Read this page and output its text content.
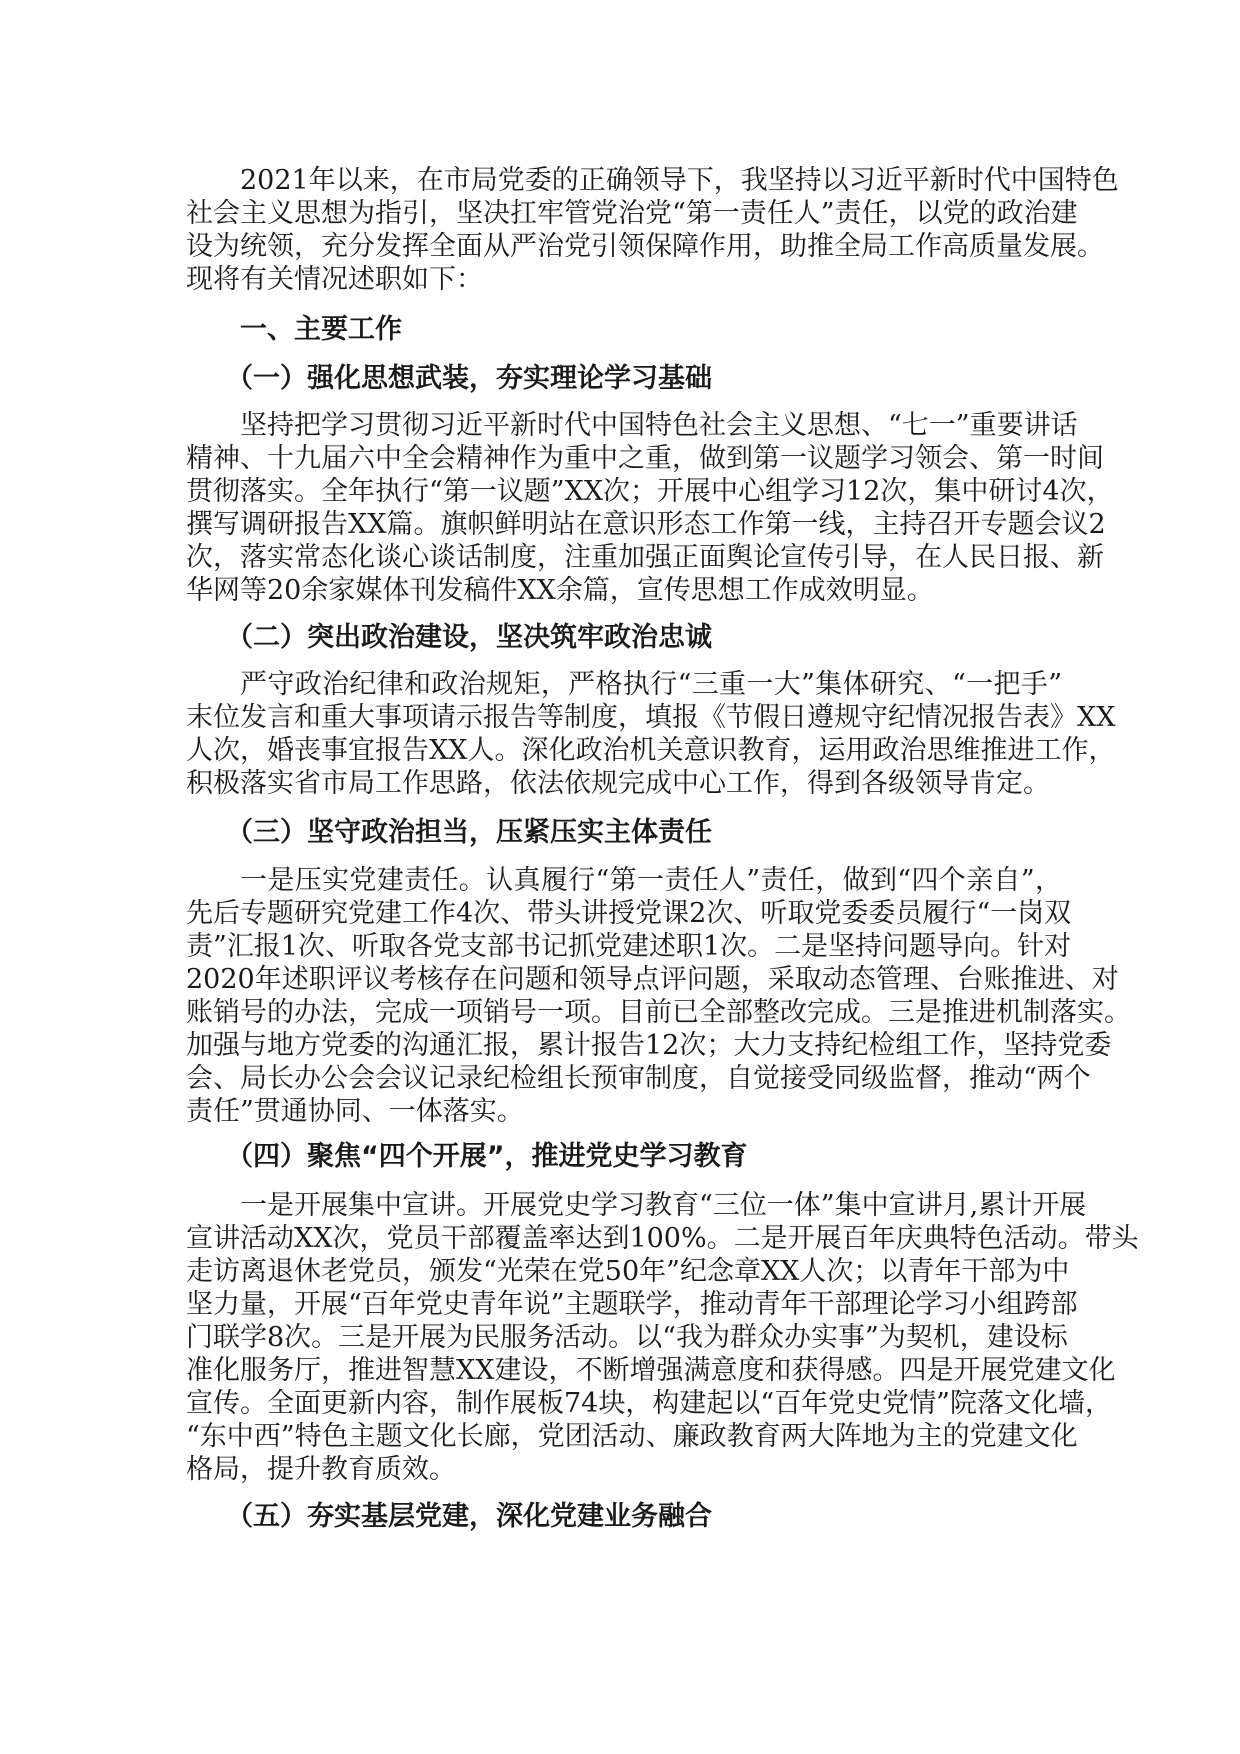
2021年以来，在市局党委的正确领导下，我坚持以习近平新时代中国特色
社会主义思想为指引，坚决扛牢管党治党“第一责任人”责任，以党的政治建
设为统领，充分发挥全面从严治党引领保障作用，助推全局工作高质量发展。
现将有关情况述职如下：
一、主要工作
（一）强化思想武装，夯实理论学习基础
坚持把学习贯彻习近平新时代中国特色社会主义思想、“七一”重要讲话
精神、十九届六中全会精神作为重中之重，做到第一议题学习领会、第一时间
贯彻落实。全年执行“第一议题”XX次；开展中心组学习12次，集中研讨4次，
撰写调研报告XX篇。旗帜鲜明站在意识形态工作第一线，主持召开专题会议2
次，落实常态化谈心谈话制度，注重加强正面舆论宣传引导，在人民日报、新
华网等20余家媒体刊发稿件XX余篇，宣传思想工作成效明显。
（二）突出政治建设，坚决筑牢政治忠诚
严守政治纪律和政治规矩，严格执行“三重一大”集体研究、“一把手”
末位发言和重大事项请示报告等制度，填报《节假日遵规守纪情况报告表》XX
人次，婚丧事宜报告XX人。深化政治机关意识教育，运用政治思维推进工作，
积极落实省市局工作思路，依法依规完成中心工作，得到各级领导肯定。
（三）坚守政治担当，压紧压实主体责任
一是压实党建责任。认真履行“第一责任人”责任，做到“四个亲自”，
先后专题研究党建工作4次、带头讲授党课2次、听取党委委员履行“一岗双
责”汇报1次、听取各党支部书记抓党建述职1次。二是坚持问题导向。针对
2020年述职评议考核存在问题和领导点评问题，采取动态管理、台账推进、对
账销号的办法，完成一项销号一项。目前已全部整改完成。三是推进机制落实。
加强与地方党委的沟通汇报，累计报告12次；大力支持纪检组工作，坚持党委
会、局长办公会会议记录纪检组长预审制度，自觉接受同级监督，推动“两个
责任”贯通协同、一体落实。
（四）聚焦“四个开展”，推进党史学习教育
一是开展集中宣讲。开展党史学习教育“三位一体”集中宣讲月,累计开展
宣讲活动XX次，党员干部覆盖率达到100%。二是开展百年庆典特色活动。带头
走访离退休老党员，颁发“光荣在党50年”纪念章XX人次；以青年干部为中
坚力量，开展“百年党史青年说”主题联学，推动青年干部理论学习小组跨部
门联学8次。三是开展为民服务活动。以“我为群众办实事”为契机，建设标
准化服务厅，推进智慧XX建设，不断增强满意度和获得感。四是开展党建文化
宣传。全面更新内容，制作展板74块，构建起以“百年党史党情”院落文化墙，
“东中西”特色主题文化长廊，党团活动、廉政教育两大阵地为主的党建文化
格局，提升教育质效。
（五）夯实基层党建，深化党建业务融合
